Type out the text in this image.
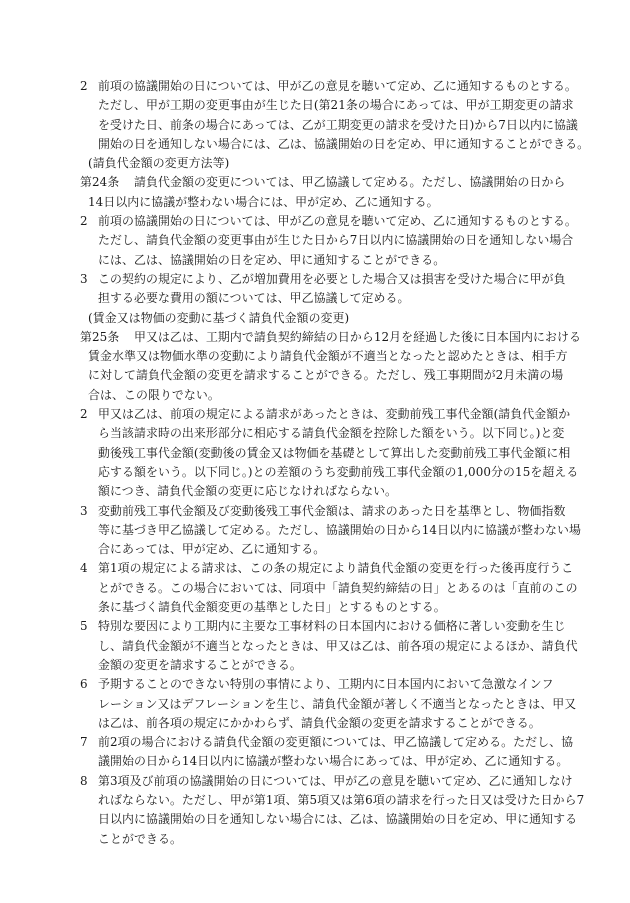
2 前項の協議開始の日については、甲が乙の意見を聴いて定め、乙に通知するものとする。
ただし、甲が工期の変更事由が生じた日(第21条の場合にあっては、甲が工期変更の請求
を受けた日、前条の場合にあっては、乙が工期変更の請求を受けた日)から7日以内に協議
開始の日を通知しない場合には、乙は、協議開始の日を定め、甲に通知することができる。
(請負代金額の変更方法等)
第24条 請負代金額の変更については、甲乙協議して定める。ただし、協議開始の日から
14日以内に協議が整わない場合には、甲が定め、乙に通知する。
2 前項の協議開始の日については、甲が乙の意見を聴いて定め、乙に通知するものとする。
ただし、請負代金額の変更事由が生じた日から7日以内に協議開始の日を通知しない場合
には、乙は、協議開始の日を定め、甲に通知することができる。
3 この契約の規定により、乙が増加費用を必要とした場合又は損害を受けた場合に甲が負
担する必要な費用の額については、甲乙協議して定める。
(賃金又は物価の変動に基づく請負代金額の変更)
第25条 甲又は乙は、工期内で請負契約締結の日から12月を経過した後に日本国内における
賃金水準又は物価水準の変動により請負代金額が不適当となったと認めたときは、相手方
に対して請負代金額の変更を請求することができる。ただし、残工事期間が2月未満の場
合は、この限りでない。
2 甲又は乙は、前項の規定による請求があったときは、変動前残工事代金額(請負代金額か
ら当該請求時の出来形部分に相応する請負代金額を控除した額をいう。以下同じ。)と変
動後残工事代金額(変動後の賃金又は物価を基礎として算出した変動前残工事代金額に相
応する額をいう。以下同じ。)との差額のうち変動前残工事代金額の1,000分の15を超える
額につき、請負代金額の変更に応じなければならない。
3 変動前残工事代金額及び変動後残工事代金額は、請求のあった日を基準とし、物価指数
等に基づき甲乙協議して定める。ただし、協議開始の日から14日以内に協議が整わない場
合にあっては、甲が定め、乙に通知する。
4 第1項の規定による請求は、この条の規定により請負代金額の変更を行った後再度行うこ
とができる。この場合においては、同項中「請負契約締結の日」とあるのは「直前のこの
条に基づく請負代金額変更の基準とした日」とするものとする。
5 特別な要因により工期内に主要な工事材料の日本国内における価格に著しい変動を生じ
し、請負代金額が不適当となったときは、甲又は乙は、前各項の規定によるほか、請負代
金額の変更を請求することができる。
6 予期することのできない特別の事情により、工期内に日本国内において急激なインフ
レーション又はデフレーションを生じ、請負代金額が著しく不適当となったときは、甲又
は乙は、前各項の規定にかかわらず、請負代金額の変更を請求することができる。
7 前2項の場合における請負代金額の変更額については、甲乙協議して定める。ただし、協
議開始の日から14日以内に協議が整わない場合にあっては、甲が定め、乙に通知する。
8 第3項及び前項の協議開始の日については、甲が乙の意見を聴いて定め、乙に通知しなけ
ればならない。ただし、甲が第1項、第5項又は第6項の請求を行った日又は受けた日から7
日以内に協議開始の日を通知しない場合には、乙は、協議開始の日を定め、甲に通知する
ことができる。
